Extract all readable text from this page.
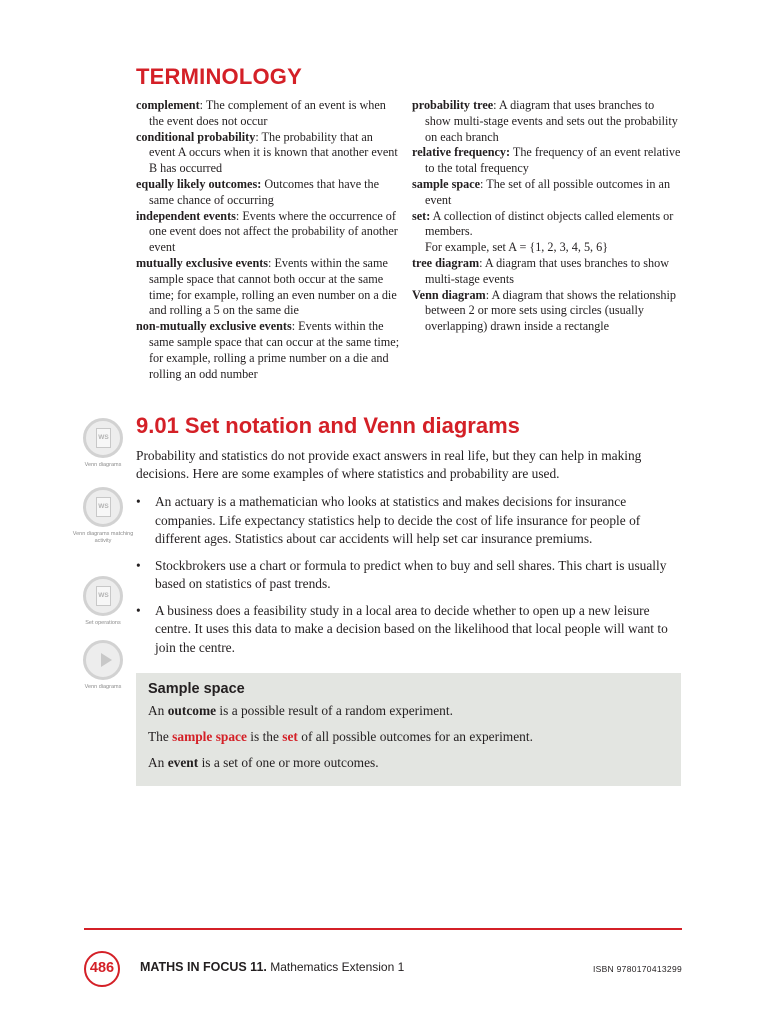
TERMINOLOGY

complement: The complement of an event is when the event does not occur

conditional probability: The probability that an event A occurs when it is known that another event B has occurred

equally likely outcomes: Outcomes that have the same chance of occurring

independent events: Events where the occurrence of one event does not affect the probability of another event

mutually exclusive events: Events within the same sample space that cannot both occur at the same time; for example, rolling an even number on a die and rolling a 5 on the same die

non-mutually exclusive events: Events within the same sample space that can occur at the same time; for example, rolling a prime number on a die and rolling an odd number

probability tree: A diagram that uses branches to show multi-stage events and sets out the probability on each branch

relative frequency: The frequency of an event relative to the total frequency

sample space: The set of all possible outcomes in an event

set: A collection of distinct objects called elements or members.
For example, set A = {1, 2, 3, 4, 5, 6}

tree diagram: A diagram that uses branches to show multi-stage events

Venn diagram: A diagram that shows the relationship between 2 or more sets using circles (usually overlapping) drawn inside a rectangle

WS
Venn diagrams
WS
Venn diagrams matching activity
WS
Set operations
Venn diagrams
9.01 Set notation and Venn diagrams

Probability and statistics do not provide exact answers in real life, but they can help in making decisions. Here are some examples of where statistics and probability are used.

• An actuary is a mathematician who looks at statistics and makes decisions for insurance companies. Life expectancy statistics help to decide the cost of life insurance for people of different ages. Statistics about car accidents will help set car insurance premiums.
• Stockbrokers use a chart or formula to predict when to buy and sell shares. This chart is usually based on statistics of past trends.
• A business does a feasibility study in a local area to decide whether to open up a new leisure centre. It uses this data to make a decision based on the likelihood that local people will want to join the centre.
Sample space

An outcome is a possible result of a random experiment.

The sample space is the set of all possible outcomes for an experiment.

An event is a set of one or more outcomes.

486	MATHS IN FOCUS 11. Mathematics Extension 1	ISBN 9780170413299
